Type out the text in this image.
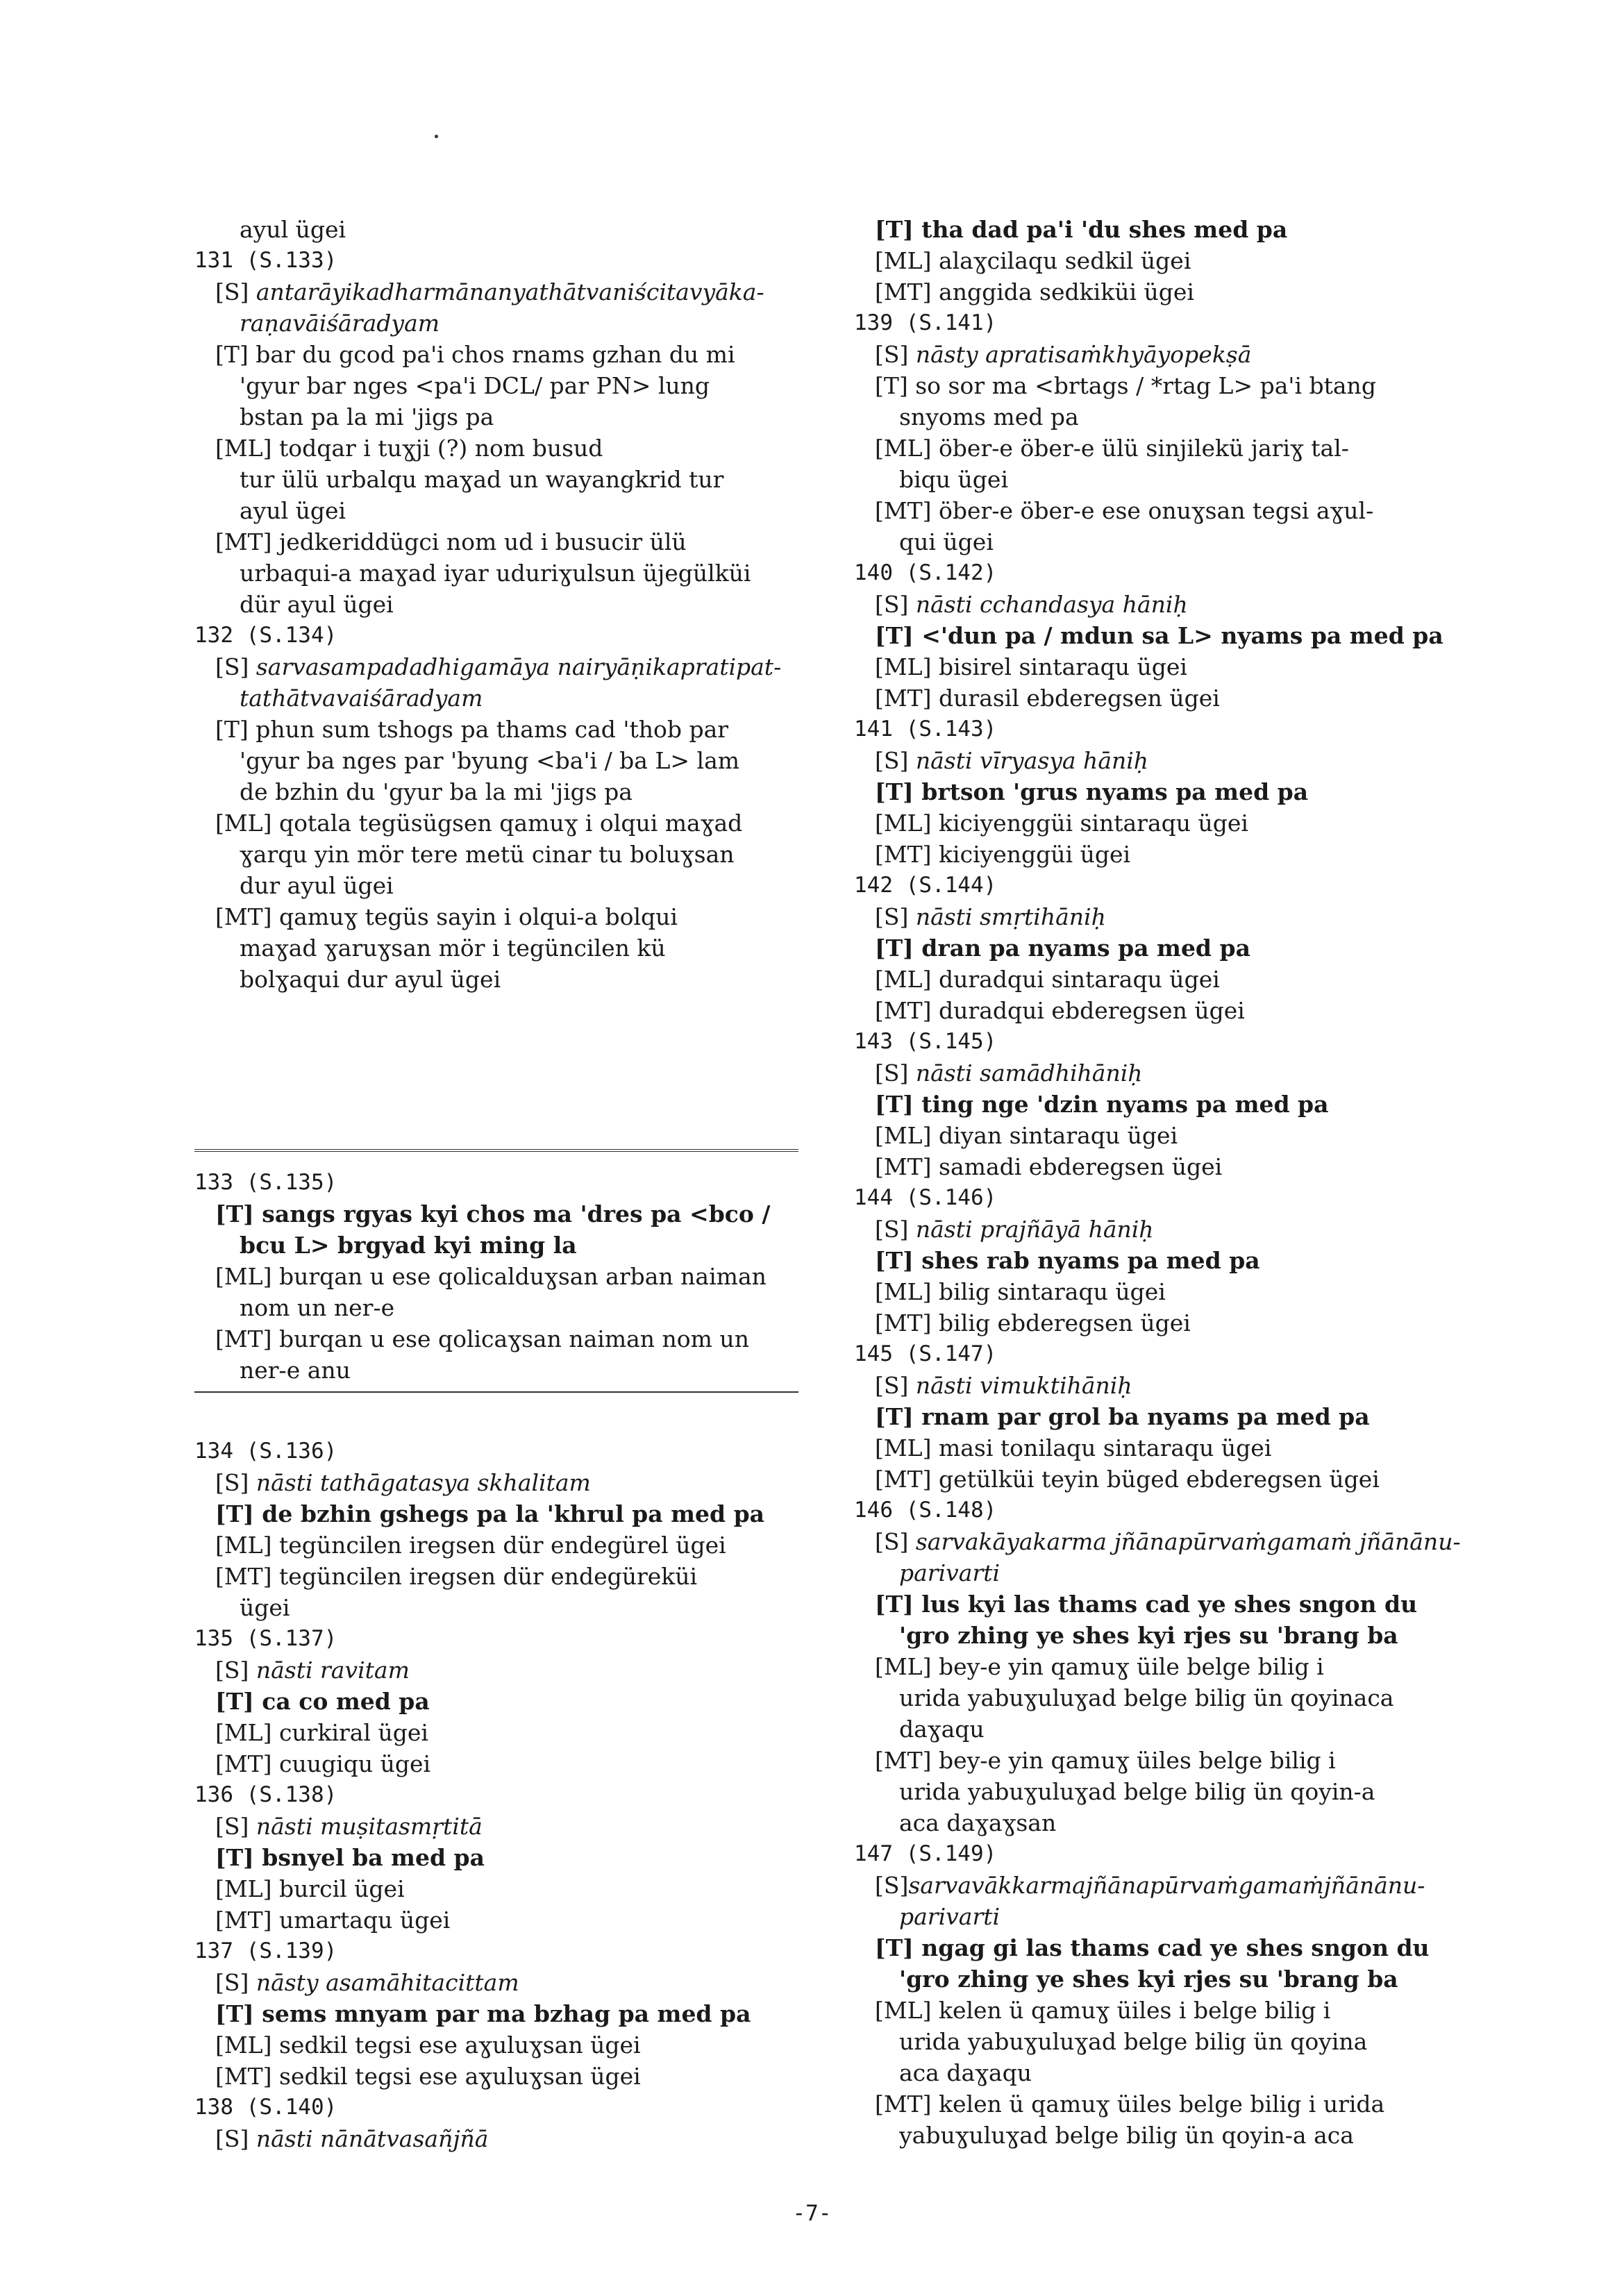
ayul ügei
131 (S.133)
[S] antarāyikadharmānanyathātvaniścitavyāka-
raṇavāiśāradyam
[T] bar du gcod pa'i chos rnams gzhan du mi
'gyur bar nges <pa'i DCL/ par PN> lung
bstan pa la mi 'jigs pa
[ML] todqar i tuɣji (?) nom busud
tur ülü urbalqu maɣad un wayangkrid tur
ayul ügei
[MT] jedkeriddügci nom ud i busucir ülü
urbaqui-a maɣad iyar uduriɣulsun üjegülküi
dür ayul ügei
132 (S.134)
[S] sarvasampadadhigamāya nairyāṇikapratipat-
tathātvavaiśāradyam
[T] phun sum tshogs pa thams cad 'thob par
'gyur ba nges par 'byung <ba'i / ba L> lam
de bzhin du 'gyur ba la mi 'jigs pa
[ML] qotala tegüsügsen qamuɣ i olqui maɣad
ɣarqu yin mör tere metü cinar tu boluɣsan
dur ayul ügei
[MT] qamuɣ tegüs sayin i olqui-a bolqui
maɣad ɣaruɣsan mör i tegüncilen kü
bolɣaqui dur ayul ügei
133 (S.135)
[T] sangs rgyas kyi chos ma 'dres pa <bco /
bcu L> brgyad kyi ming la
[ML] burqan u ese qolicalduɣsan arban naiman
nom un ner-e
[MT] burqan u ese qolicaɣsan naiman nom un
ner-e anu
134 (S.136)
[S] nāsti tathāgatasya skhalitam
[T] de bzhin gshegs pa la 'khrul pa med pa
[ML] tegüncilen iregsen dür endegürel ügei
[MT] tegüncilen iregsen dür endegüreküi
ügei
135 (S.137)
[S] nāsti ravitam
[T] ca co med pa
[ML] curkiral ügei
[MT] cuugiqu ügei
136 (S.138)
[S] nāsti muṣitasmṛtitā
[T] bsnyel ba med pa
[ML] burcil ügei
[MT] umartaqu ügei
137 (S.139)
[S] nāsty asamāhitacittam
[T] sems mnyam par ma bzhag pa med pa
[ML] sedkil tegsi ese aɣuluɣsan ügei
[MT] sedkil tegsi ese aɣuluɣsan ügei
138 (S.140)
[S] nāsti nānātvasañjñā
[T] tha dad pa'i 'du shes med pa
[ML] alaɣcilaqu sedkil ügei
[MT] anggida sedkiküi ügei
139 (S.141)
[S] nāsty apratisaṁkhyāyopekṣā
[T] so sor ma <brtags / *rtag L> pa'i btang
snyoms med pa
[ML] öber-e öber-e ülü sinjilekü jariɣ tal-
biqu ügei
[MT] öber-e öber-e ese onuɣsan tegsi aɣul-
qui ügei
140 (S.142)
[S] nāsti cchandasya hāniḥ
[T] <'dun pa / mdun sa L> nyams pa med pa
[ML] bisirel sintaraqu ügei
[MT] durasil ebderegsen ügei
141 (S.143)
[S] nāsti vīryasya hāniḥ
[T] brtson 'grus nyams pa med pa
[ML] kiciyenggüi sintaraqu ügei
[MT] kiciyenggüi ügei
142 (S.144)
[S] nāsti smṛtihāniḥ
[T] dran pa nyams pa med pa
[ML] duradqui sintaraqu ügei
[MT] duradqui ebderegsen ügei
143 (S.145)
[S] nāsti samādhihāniḥ
[T] ting nge 'dzin nyams pa med pa
[ML] diyan sintaraqu ügei
[MT] samadi ebderegsen ügei
144 (S.146)
[S] nāsti prajñāyā hāniḥ
[T] shes rab nyams pa med pa
[ML] bilig sintaraqu ügei
[MT] bilig ebderegsen ügei
145 (S.147)
[S] nāsti vimuktihāniḥ
[T] rnam par grol ba nyams pa med pa
[ML] masi tonilaqu sintaraqu ügei
[MT] getülküi teyin büged ebderegsen ügei
146 (S.148)
[S] sarvakāyakarma jñānapūrvaṁgamaṁ jñānānu-
parivarti
[T] lus kyi las thams cad ye shes sngon du
'gro zhing ye shes kyi rjes su 'brang ba
[ML] bey-e yin qamuɣ üile belge bilig i
urida yabuɣuluɣad belge bilig ün qoyinaca
daɣaqu
[MT] bey-e yin qamuɣ üiles belge bilig i
urida yabuɣuluɣad belge bilig ün qoyin-a
aca daɣaɣsan
147 (S.149)
[S]sarvavākkarmajñānapūrvaṁgamaṁjñānānu-
parivarti
[T] ngag gi las thams cad ye shes sngon du
'gro zhing ye shes kyi rjes su 'brang ba
[ML] kelen ü qamuɣ üiles i belge bilig i
urida yabuɣuluɣad belge bilig ün qoyina
aca daɣaqu
[MT] kelen ü qamuɣ üiles belge bilig i urida
yabuɣuluɣad belge bilig ün qoyin-a aca
-7-
